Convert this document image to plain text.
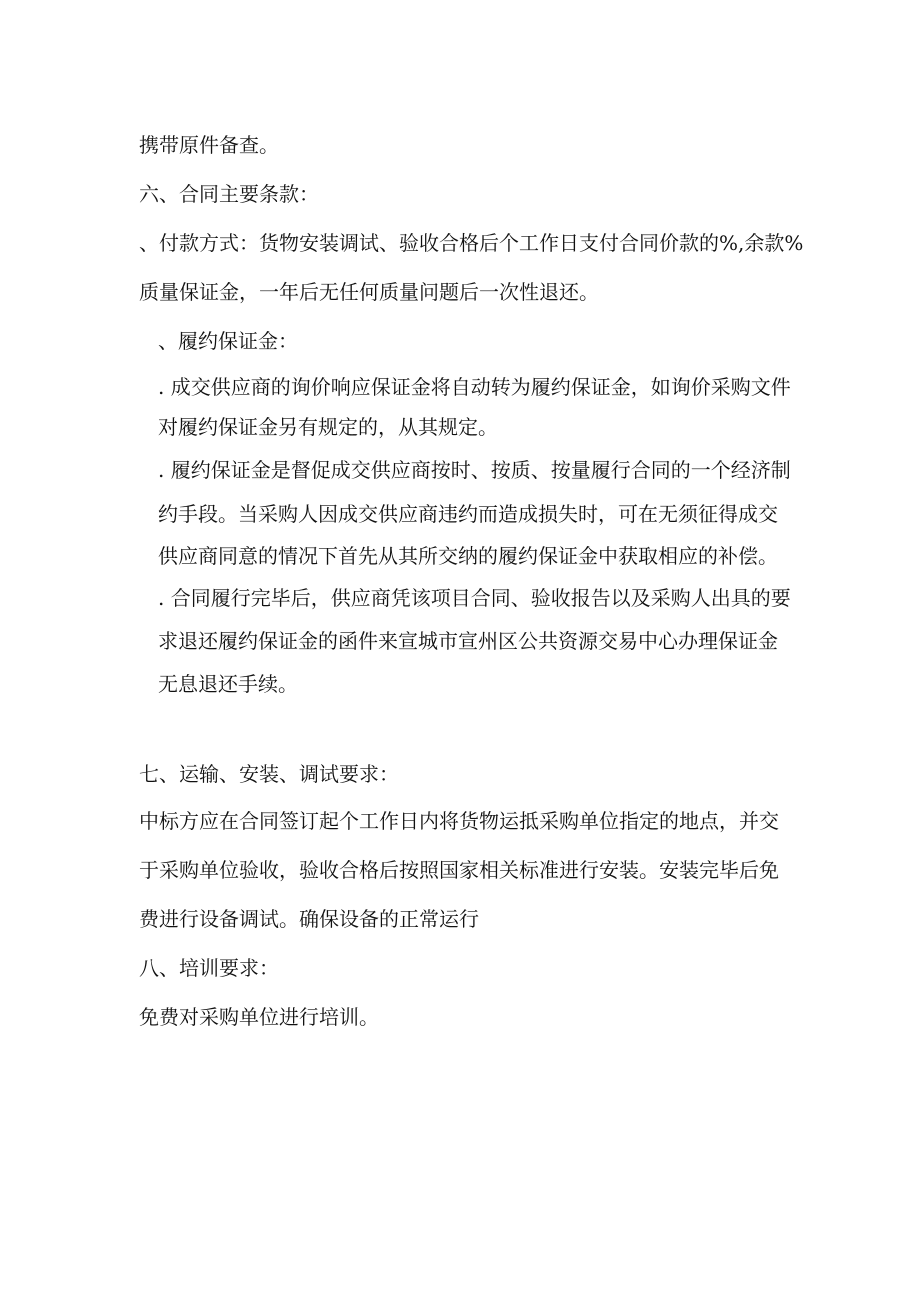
携带原件备查。
六、合同主要条款：
、付款方式：货物安装调试、验收合格后个工作日支付合同价款的%,余款%
质量保证金，一年后无任何质量问题后一次性退还。
、履约保证金：
. 成交供应商的询价响应保证金将自动转为履约保证金，如询价采购文件
对履约保证金另有规定的，从其规定。
. 履约保证金是督促成交供应商按时、按质、按量履行合同的一个经济制
约手段。当采购人因成交供应商违约而造成损失时，可在无须征得成交
供应商同意的情况下首先从其所交纳的履约保证金中获取相应的补偿。
. 合同履行完毕后，供应商凭该项目合同、验收报告以及采购人出具的要
求退还履约保证金的函件来宣城市宣州区公共资源交易中心办理保证金
无息退还手续。
七、运输、安装、调试要求：
中标方应在合同签订起个工作日内将货物运抵采购单位指定的地点，并交
于采购单位验收，验收合格后按照国家相关标准进行安装。安装完毕后免
费进行设备调试。确保设备的正常运行
八、培训要求：
免费对采购单位进行培训。
